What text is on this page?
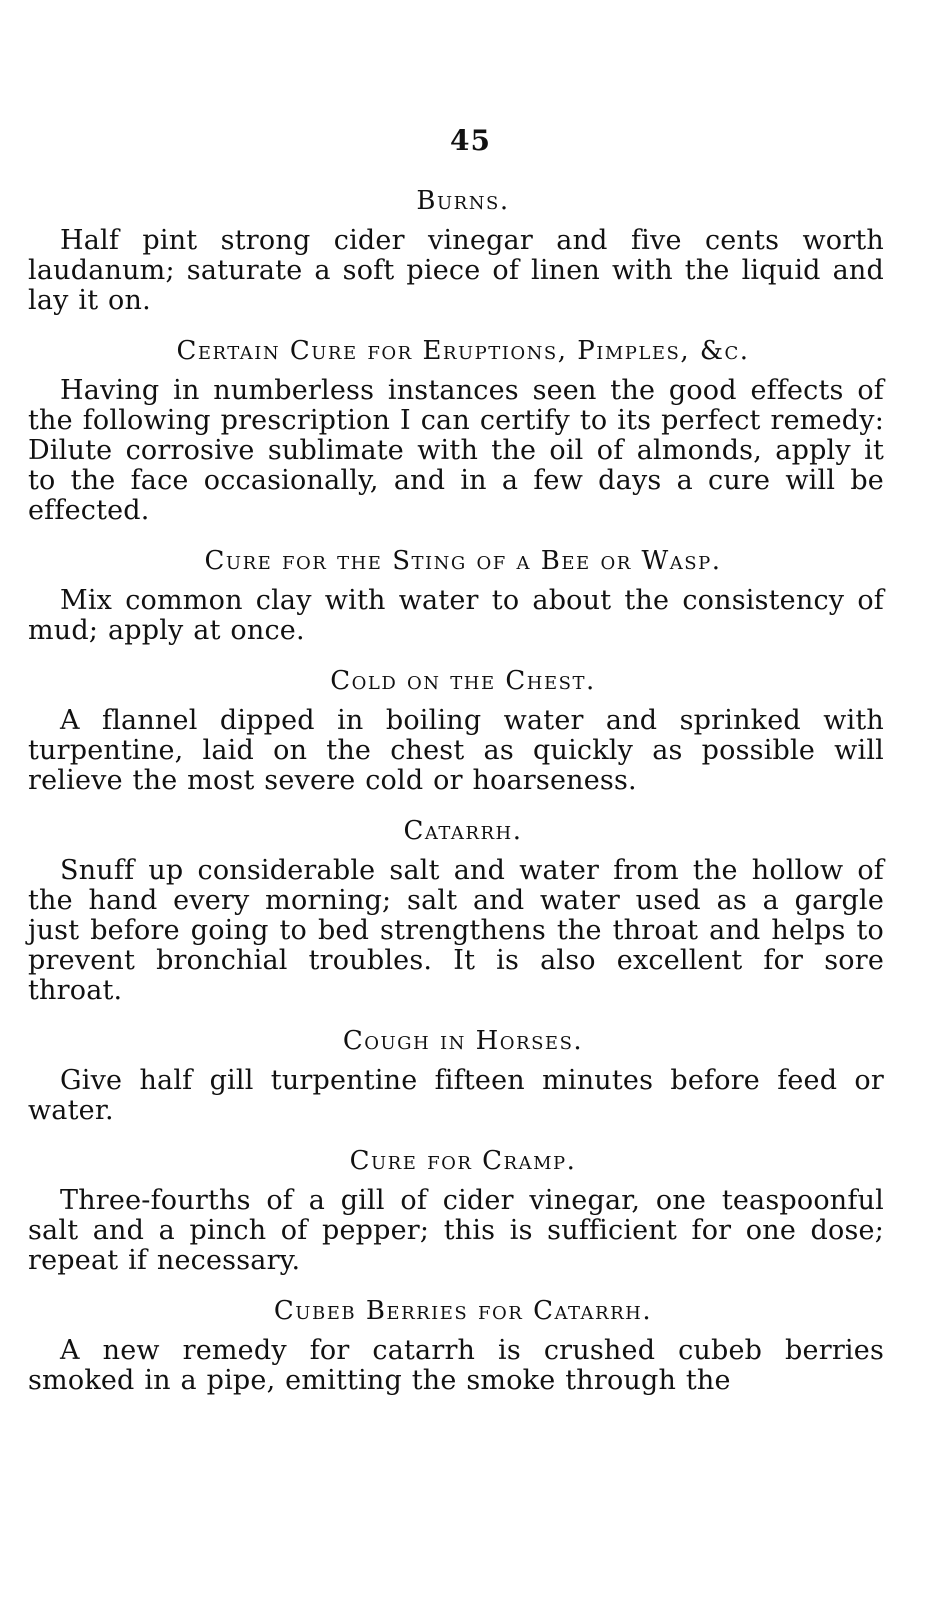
45
Burns.

Half pint strong cider vinegar and five cents worth laudanum; saturate a soft piece of linen with the liquid and lay it on.

Certain Cure for Eruptions, Pimples, &c.

Having in numberless instances seen the good effects of the following prescription I can certify to its perfect remedy: Dilute corrosive sublimate with the oil of almonds, apply it to the face occasionally, and in a few days a cure will be effected.

Cure for the Sting of a Bee or Wasp.

Mix common clay with water to about the consistency of mud; apply at once.

Cold on the Chest.

A flannel dipped in boiling water and sprinked with turpentine, laid on the chest as quickly as possible will relieve the most severe cold or hoarseness.

Catarrh.

Snuff up considerable salt and water from the hollow of the hand every morning; salt and water used as a gargle just before going to bed strengthens the throat and helps to prevent bronchial troubles. It is also excellent for sore throat.

Cough in Horses.

Give half gill turpentine fifteen minutes before feed or water.

Cure for Cramp.

Three-fourths of a gill of cider vinegar, one teaspoonful salt and a pinch of pepper; this is sufficient for one dose; repeat if necessary.

Cubeb Berries for Catarrh.

A new remedy for catarrh is crushed cubeb berries smoked in a pipe, emitting the smoke through the
